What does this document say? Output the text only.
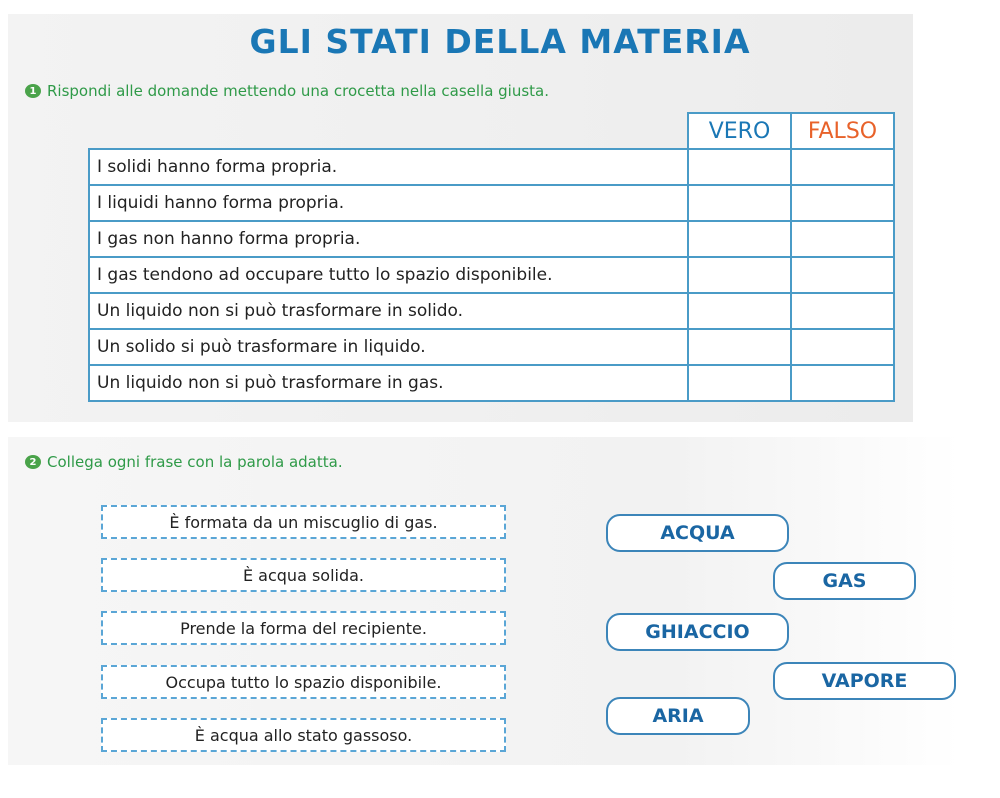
GLI STATI DELLA MATERIA
1 Rispondi alle domande mettendo una crocetta nella casella giusta.
	VERO	FALSO
I solidi hanno forma propria.		
I liquidi hanno forma propria.		
I gas non hanno forma propria.		
I gas tendono ad occupare tutto lo spazio disponibile.		
Un liquido non si può trasformare in solido.		
Un solido si può trasformare in liquido.		
Un liquido non si può trasformare in gas.		
2 Collega ogni frase con la parola adatta.
È formata da un miscuglio di gas.
È acqua solida.
Prende la forma del recipiente.
Occupa tutto lo spazio disponibile.
È acqua allo stato gassoso.
ACQUA
GAS
GHIACCIO
VAPORE
ARIA
